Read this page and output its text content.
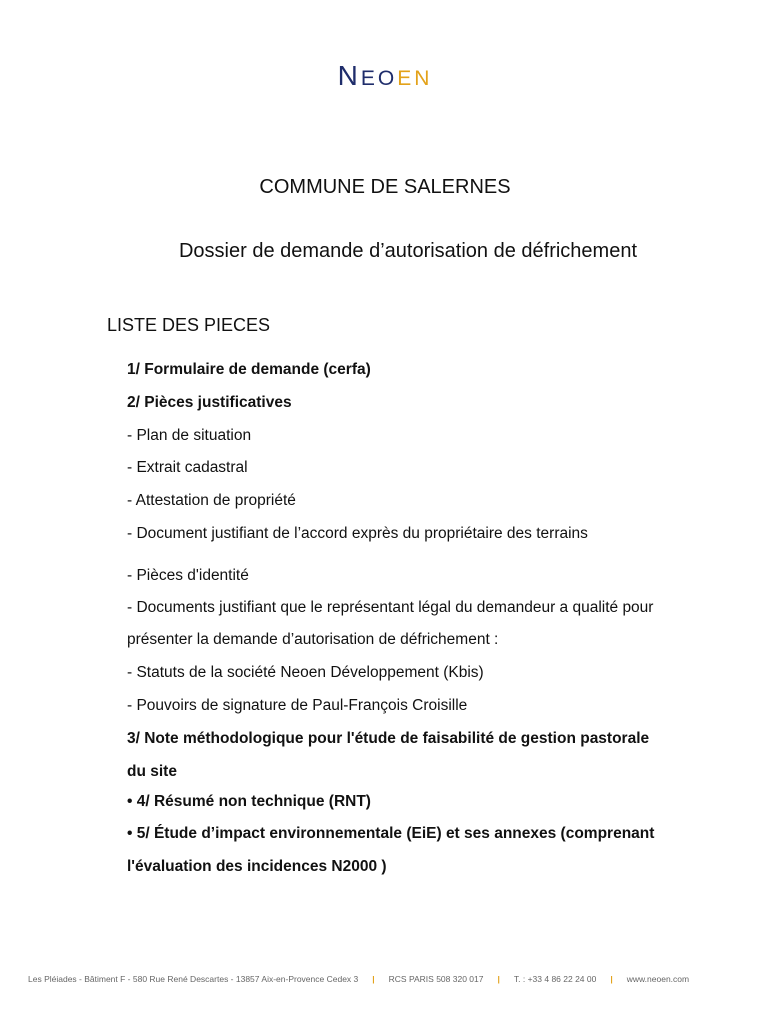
NEOEN
COMMUNE DE SALERNES
Dossier de demande d’autorisation de défrichement
LISTE DES PIECES
1/ Formulaire de demande (cerfa)
2/ Pièces justificatives
- Plan de situation
- Extrait cadastral
- Attestation de propriété
- Document justifiant de l’accord exprès du propriétaire des terrains
- Pièces d'identité
- Documents justifiant que le représentant légal du demandeur a qualité pour
présenter la demande d’autorisation de défrichement :
- Statuts de la société Neoen Développement (Kbis)
- Pouvoirs de signature de Paul-François Croisille
3/ Note méthodologique pour l'étude de faisabilité de gestion pastorale
du site
• 4/ Résumé non technique (RNT)
• 5/ Étude d’impact environnementale (EiE) et ses annexes (comprenant
l'évaluation des incidences N2000 )
Les Pléiades - Bâtiment F - 580 Rue René Descartes - 13857 Aix-en-Provence Cedex 3 | RCS PARIS 508 320 017 | T. : +33 4 86 22 24 00 | www.neoen.com
